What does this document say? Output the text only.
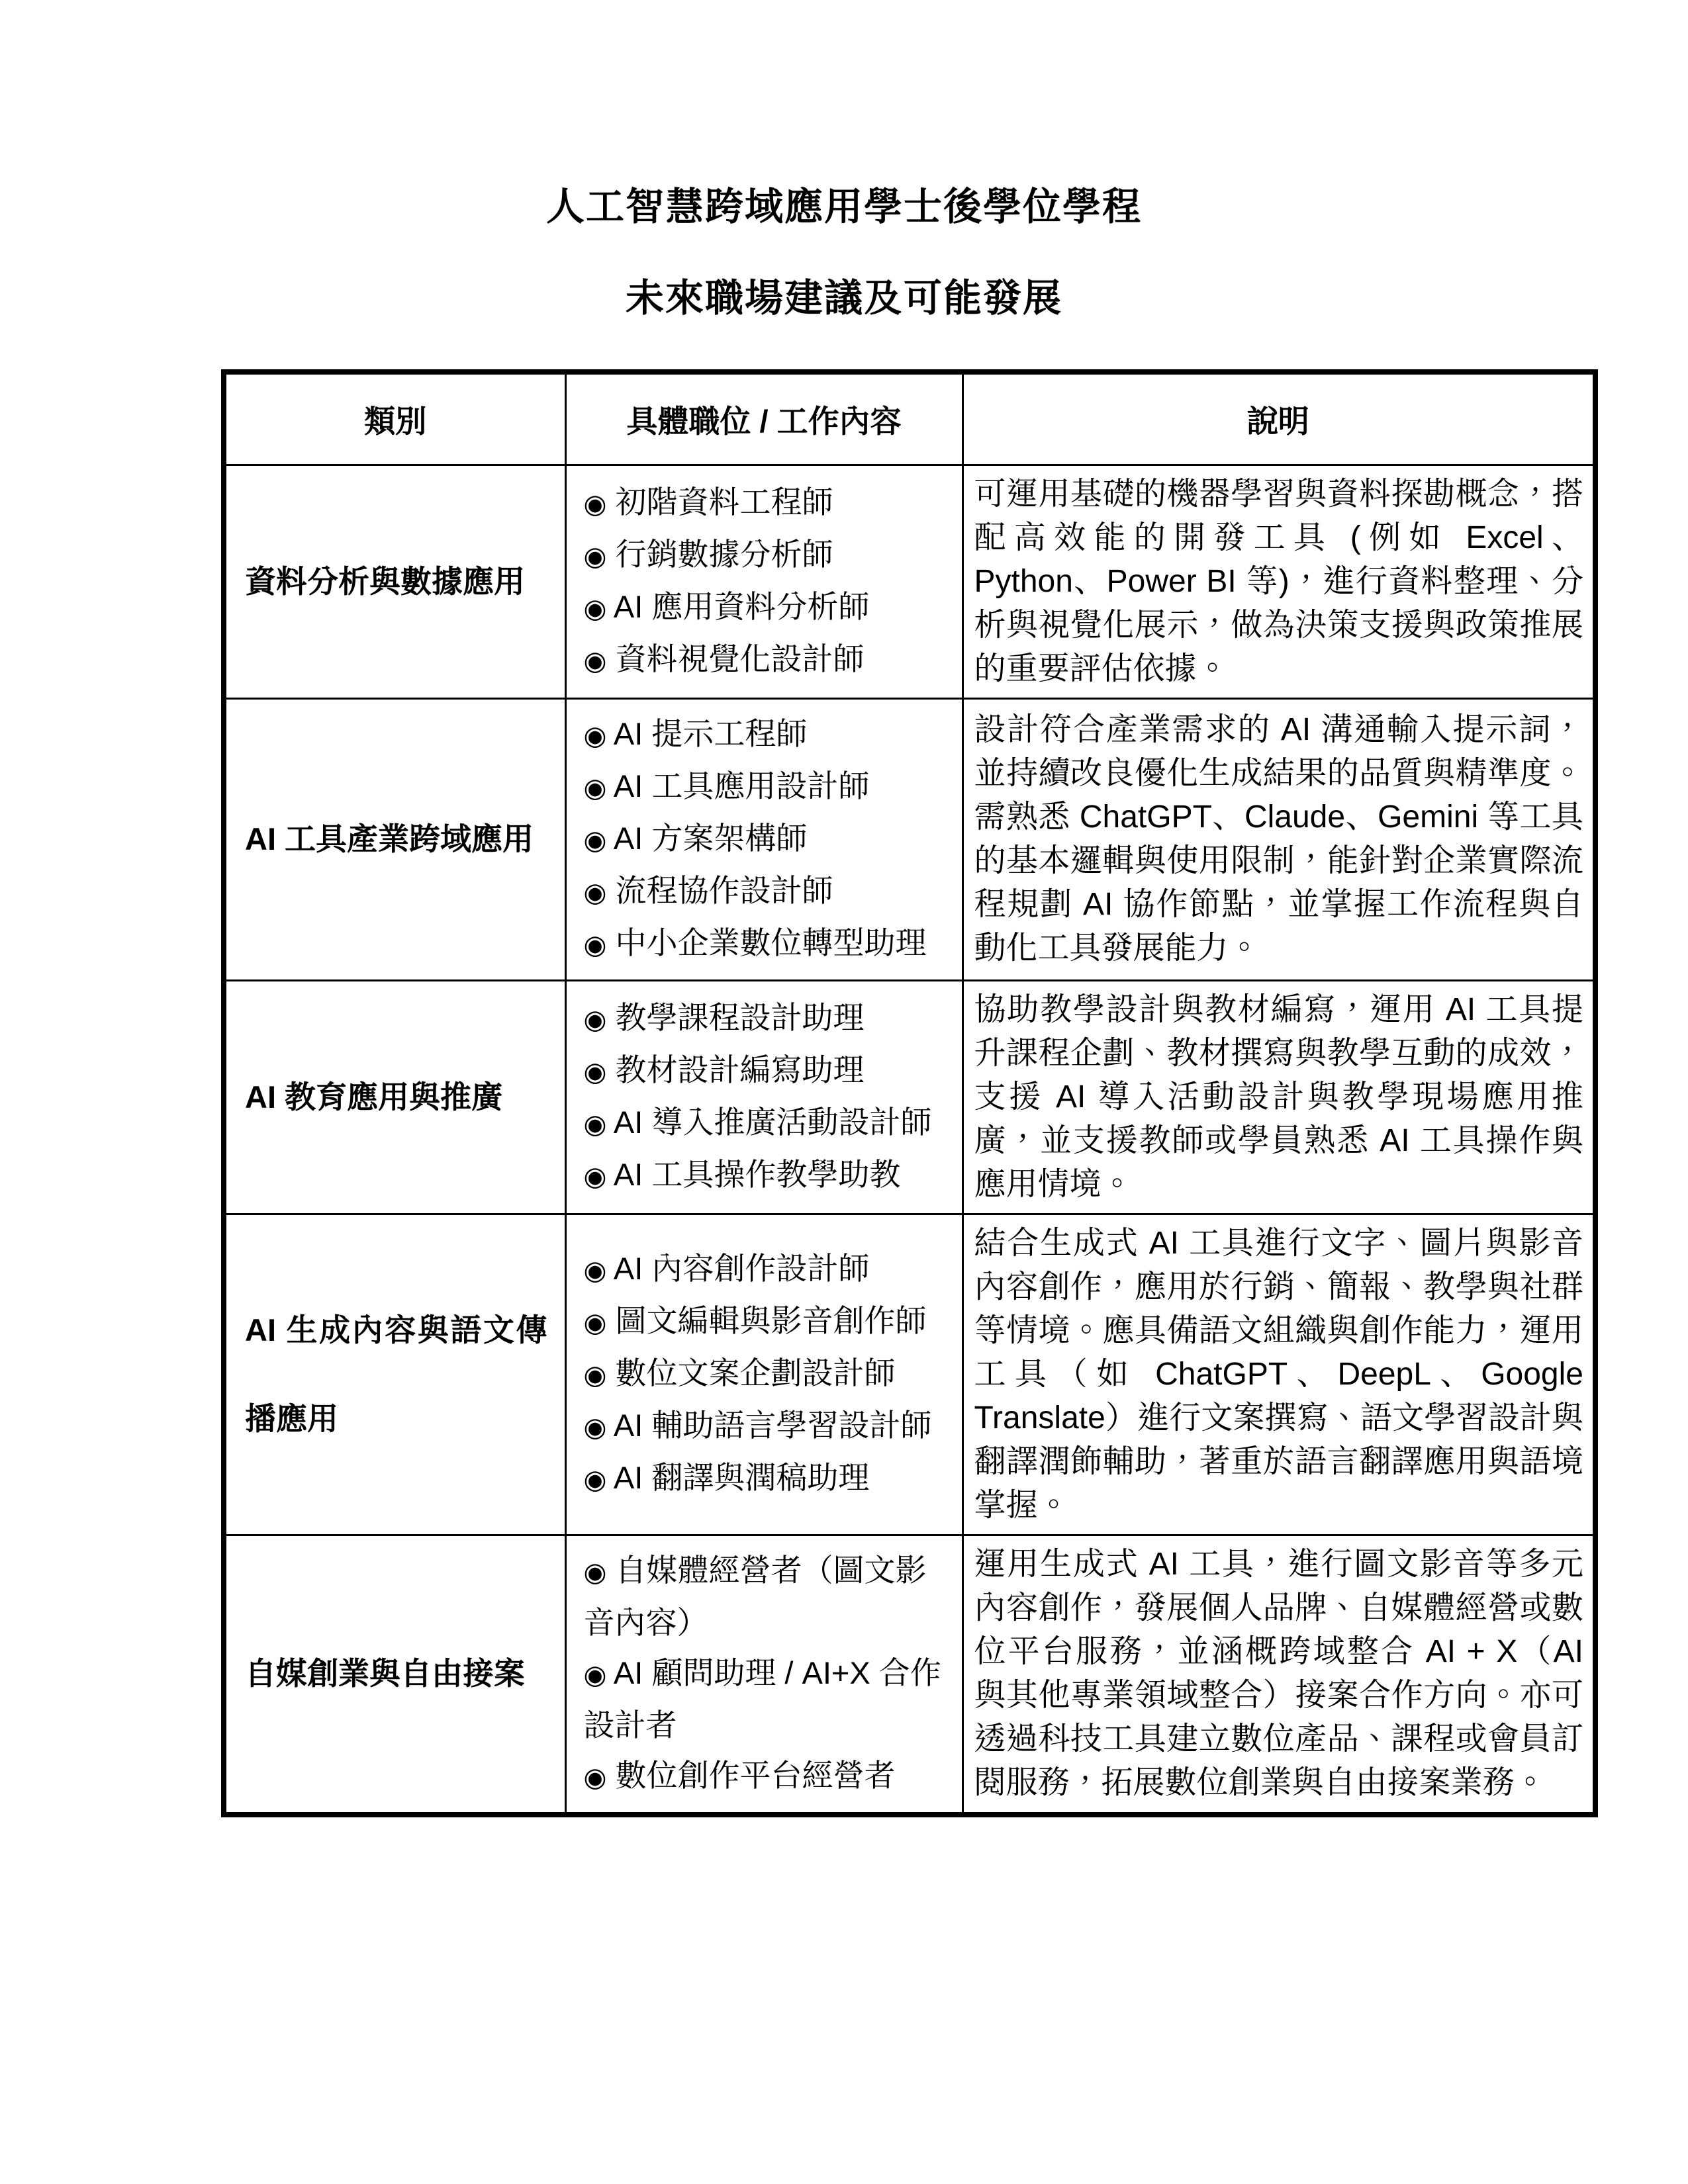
人工智慧跨域應用學士後學位學程
未來職場建議及可能發展
類別	具體職位 / 工作內容	說明
資料分析與數據應用	◉ 初階資料工程師
◉ 行銷數據分析師
◉ AI 應用資料分析師
◉ 資料視覺化設計師	可運用基礎的機器學習與資料探勘概念，搭配高效能的開發工具 (例如 Excel、Python、Power BI 等)，進行資料整理、分析與視覺化展示，做為決策支援與政策推展的重要評估依據。
AI 工具產業跨域應用	◉ AI 提示工程師
◉ AI 工具應用設計師
◉ AI 方案架構師
◉ 流程協作設計師
◉ 中小企業數位轉型助理	設計符合產業需求的 AI 溝通輸入提示詞，並持續改良優化生成結果的品質與精準度。需熟悉 ChatGPT、Claude、Gemini 等工具的基本邏輯與使用限制，能針對企業實際流程規劃 AI 協作節點，並掌握工作流程與自動化工具發展能力。
AI 教育應用與推廣	◉ 教學課程設計助理
◉ 教材設計編寫助理
◉ AI 導入推廣活動設計師
◉ AI 工具操作教學助教	協助教學設計與教材編寫，運用 AI 工具提升課程企劃、教材撰寫與教學互動的成效，支援 AI 導入活動設計與教學現場應用推廣，並支援教師或學員熟悉 AI 工具操作與應用情境。
AI 生成內容與語文傳播應用	◉ AI 內容創作設計師
◉ 圖文編輯與影音創作師
◉ 數位文案企劃設計師
◉ AI 輔助語言學習設計師
◉ AI 翻譯與潤稿助理	結合生成式 AI 工具進行文字、圖片與影音內容創作，應用於行銷、簡報、教學與社群等情境。應具備語文組織與創作能力，運用工具（如 ChatGPT、DeepL、Google Translate）進行文案撰寫、語文學習設計與翻譯潤飾輔助，著重於語言翻譯應用與語境掌握。
自媒創業與自由接案	◉ 自媒體經營者（圖文影音內容）
◉ AI 顧問助理 / AI+X 合作設計者
◉ 數位創作平台經營者	運用生成式 AI 工具，進行圖文影音等多元內容創作，發展個人品牌、自媒體經營或數位平台服務，並涵概跨域整合 AI + X（AI 與其他專業領域整合）接案合作方向。亦可透過科技工具建立數位產品、課程或會員訂閱服務，拓展數位創業與自由接案業務。
